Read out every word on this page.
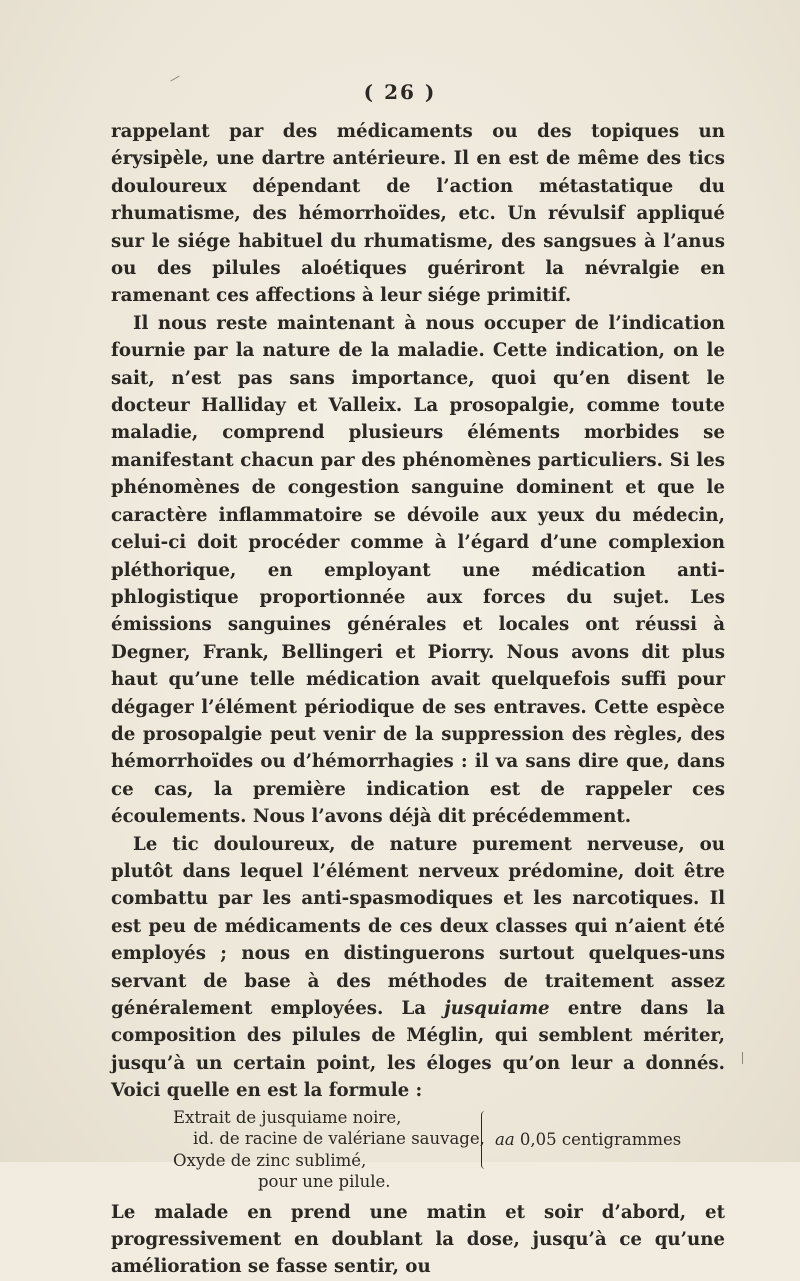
( 26 )

rappelant par des médicaments ou des topiques un érysipèle, une dartre antérieure. Il en est de même des tics douloureux dépendant de l’action métastatique du rhumatisme, des hémorrhoïdes, etc. Un révulsif appliqué sur le siége habituel du rhumatisme, des sangsues à l’anus ou des pilules aloétiques guériront la névralgie en ramenant ces affections à leur siége primitif.

Il nous reste maintenant à nous occuper de l’indication fournie par la nature de la maladie. Cette indication, on le sait, n’est pas sans importance, quoi qu’en disent le docteur Halliday et Valleix. La prosopalgie, comme toute maladie, comprend plusieurs éléments morbides se manifestant chacun par des phénomènes particuliers. Si les phénomènes de congestion sanguine dominent et que le caractère inflammatoire se dévoile aux yeux du médecin, celui-ci doit procéder comme à l’égard d’une complexion pléthorique, en employant une médication anti-phlogistique proportionnée aux forces du sujet. Les émissions sanguines générales et locales ont réussi à Degner, Frank, Bellingeri et Piorry. Nous avons dit plus haut qu’une telle médication avait quelquefois suffi pour dégager l’élément périodique de ses entraves. Cette espèce de prosopalgie peut venir de la suppression des règles, des hémorrhoïdes ou d’hémorrhagies : il va sans dire que, dans ce cas, la première indication est de rappeler ces écoulements. Nous l’avons déjà dit précédemment.

Le tic douloureux, de nature purement nerveuse, ou plutôt dans lequel l’élément nerveux prédomine, doit être combattu par les anti-spasmodiques et les narcotiques. Il est peu de médicaments de ces deux classes qui n’aient été employés ; nous en distinguerons surtout quelques-uns servant de base à des méthodes de traitement assez généralement employées. La jusquiame entre dans la composition des pilules de Méglin, qui semblent mériter, jusqu’à un certain point, les éloges qu’on leur a donnés. Voici quelle en est la formule :

Extrait de jusquiame noire,
id. de racine de valériane sauvage,
Oxyde de zinc sublimé,
pour une pilule.
aa 0,05 centigrammes

Le malade en prend une matin et soir d’abord, et progressivement en doublant la dose, jusqu’à ce qu’une amélioration se fasse sentir, ou
